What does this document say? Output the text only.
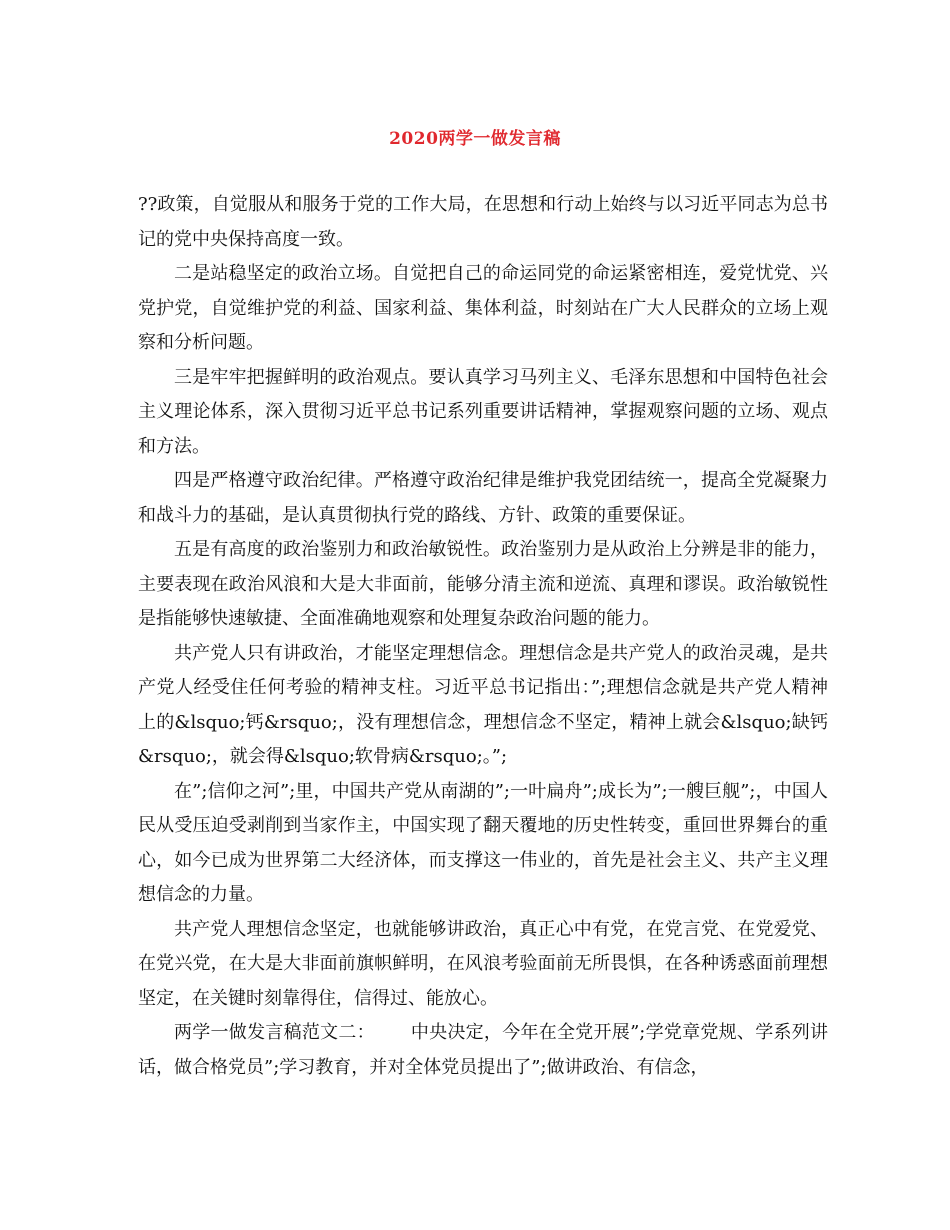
2020两学一做发言稿

??政策，自觉服从和服务于党的工作大局，在思想和行动上始终与以习近平同志为总书记的党中央保持高度一致。

二是站稳坚定的政治立场。自觉把自己的命运同党的命运紧密相连，爱党忧党、兴党护党，自觉维护党的利益、国家利益、集体利益，时刻站在广大人民群众的立场上观察和分析问题。

三是牢牢把握鲜明的政治观点。要认真学习马列主义、毛泽东思想和中国特色社会主义理论体系，深入贯彻习近平总书记系列重要讲话精神，掌握观察问题的立场、观点和方法。

四是严格遵守政治纪律。严格遵守政治纪律是维护我党团结统一，提高全党凝聚力和战斗力的基础，是认真贯彻执行党的路线、方针、政策的重要保证。

五是有高度的政治鉴别力和政治敏锐性。政治鉴别力是从政治上分辨是非的能力，主要表现在政治风浪和大是大非面前，能够分清主流和逆流、真理和谬误。政治敏锐性是指能够快速敏捷、全面准确地观察和处理复杂政治问题的能力。

共产党人只有讲政治，才能坚定理想信念。理想信念是共产党人的政治灵魂，是共产党人经受住任何考验的精神支柱。习近平总书记指出：”;理想信念就是共产党人精神上的&lsquo;钙&rsquo;，没有理想信念，理想信念不坚定，精神上就会&lsquo;缺钙&rsquo;，就会得&lsquo;软骨病&rsquo;。”;

在”;信仰之河”;里，中国共产党从南湖的”;一叶扁舟”;成长为”;一艘巨舰”;，中国人民从受压迫受剥削到当家作主，中国实现了翻天覆地的历史性转变，重回世界舞台的重心，如今已成为世界第二大经济体，而支撑这一伟业的，首先是社会主义、共产主义理想信念的力量。

共产党人理想信念坚定，也就能够讲政治，真正心中有党，在党言党、在党爱党、在党兴党，在大是大非面前旗帜鲜明，在风浪考验面前无所畏惧，在各种诱惑面前理想坚定，在关键时刻靠得住，信得过、能放心。

两学一做发言稿范文二：      中央决定，今年在全党开展”;学党章党规、学系列讲话，做合格党员”;学习教育，并对全体党员提出了”;做讲政治、有信念，
